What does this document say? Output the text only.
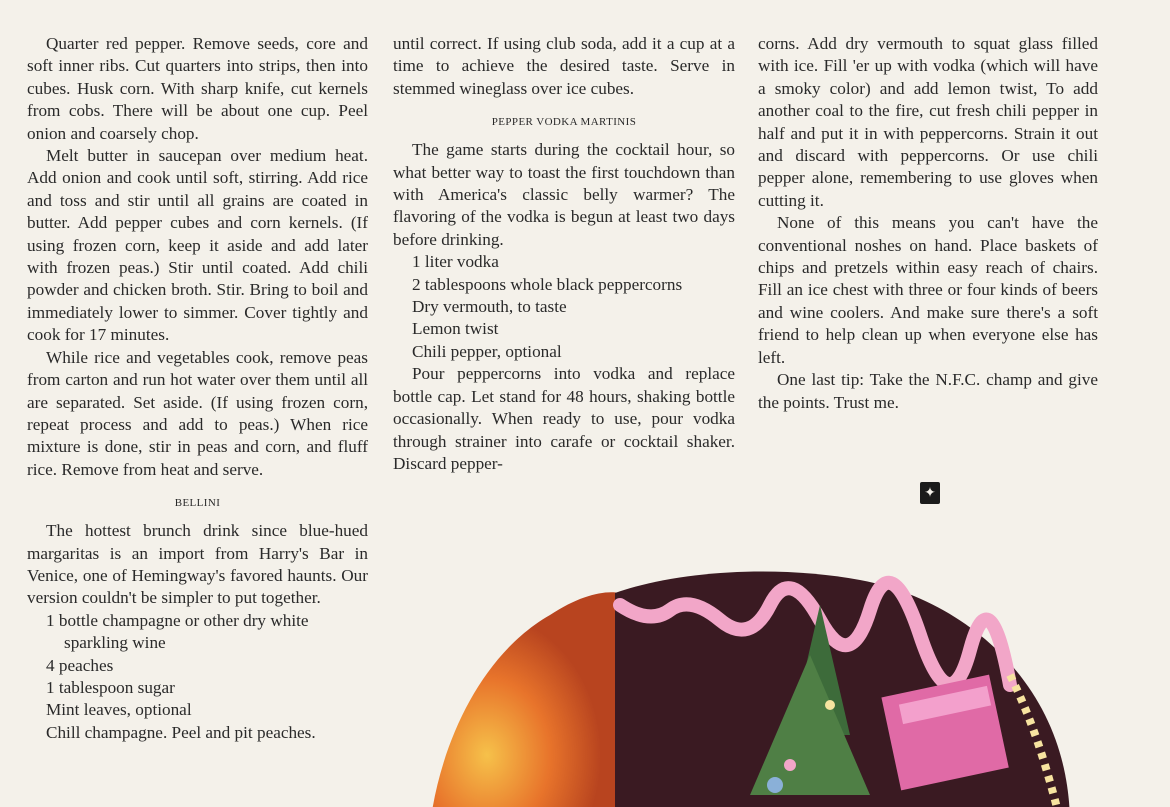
Quarter red pepper. Remove seeds, core and soft inner ribs. Cut quarters into strips, then into cubes. Husk corn. With sharp knife, cut kernels from cobs. There will be about one cup. Peel onion and coarsely chop.

Melt butter in saucepan over medium heat. Add onion and cook until soft, stirring. Add rice and toss and stir until all grains are coated in butter. Add pepper cubes and corn kernels. (If using frozen corn, keep it aside and add later with frozen peas.) Stir until coated. Add chili powder and chicken broth. Stir. Bring to boil and immediately lower to simmer. Cover tightly and cook for 17 minutes.

While rice and vegetables cook, remove peas from carton and run hot water over them until all are separated. Set aside. (If using frozen corn, repeat process and add to peas.) When rice mixture is done, stir in peas and corn, and fluff rice. Remove from heat and serve.

BELLINI

The hottest brunch drink since blue-hued margaritas is an import from Harry's Bar in Venice, one of Hemingway's favored haunts. Our version couldn't be simpler to put together.

1 bottle champagne or other dry white sparkling wine

4 peaches

1 tablespoon sugar

Mint leaves, optional

Chill champagne. Peel and pit peaches.

until correct. If using club soda, add it a cup at a time to achieve the desired taste. Serve in stemmed wineglass over ice cubes.

PEPPER VODKA MARTINIS

The game starts during the cocktail hour, so what better way to toast the first touchdown than with America's classic belly warmer? The flavoring of the vodka is begun at least two days before drinking.

1 liter vodka

2 tablespoons whole black peppercorns

Dry vermouth, to taste

Lemon twist

Chili pepper, optional

Pour peppercorns into vodka and replace bottle cap. Let stand for 48 hours, shaking bottle occasionally. When ready to use, pour vodka through strainer into carafe or cocktail shaker. Discard pepper-

corns. Add dry vermouth to squat glass filled with ice. Fill 'er up with vodka (which will have a smoky color) and add lemon twist, To add another coal to the fire, cut fresh chili pepper in half and put it in with peppercorns. Strain it out and discard with peppercorns. Or use chili pepper alone, remembering to use gloves when cutting it.

None of this means you can't have the conventional noshes on hand. Place baskets of chips and pretzels within easy reach of chairs. Fill an ice chest with three or four kinds of beers and wine coolers. And make sure there's a soft friend to help clean up when everyone else has left.

One last tip: Take the N.F.C. champ and give the points. Trust me.

✦
